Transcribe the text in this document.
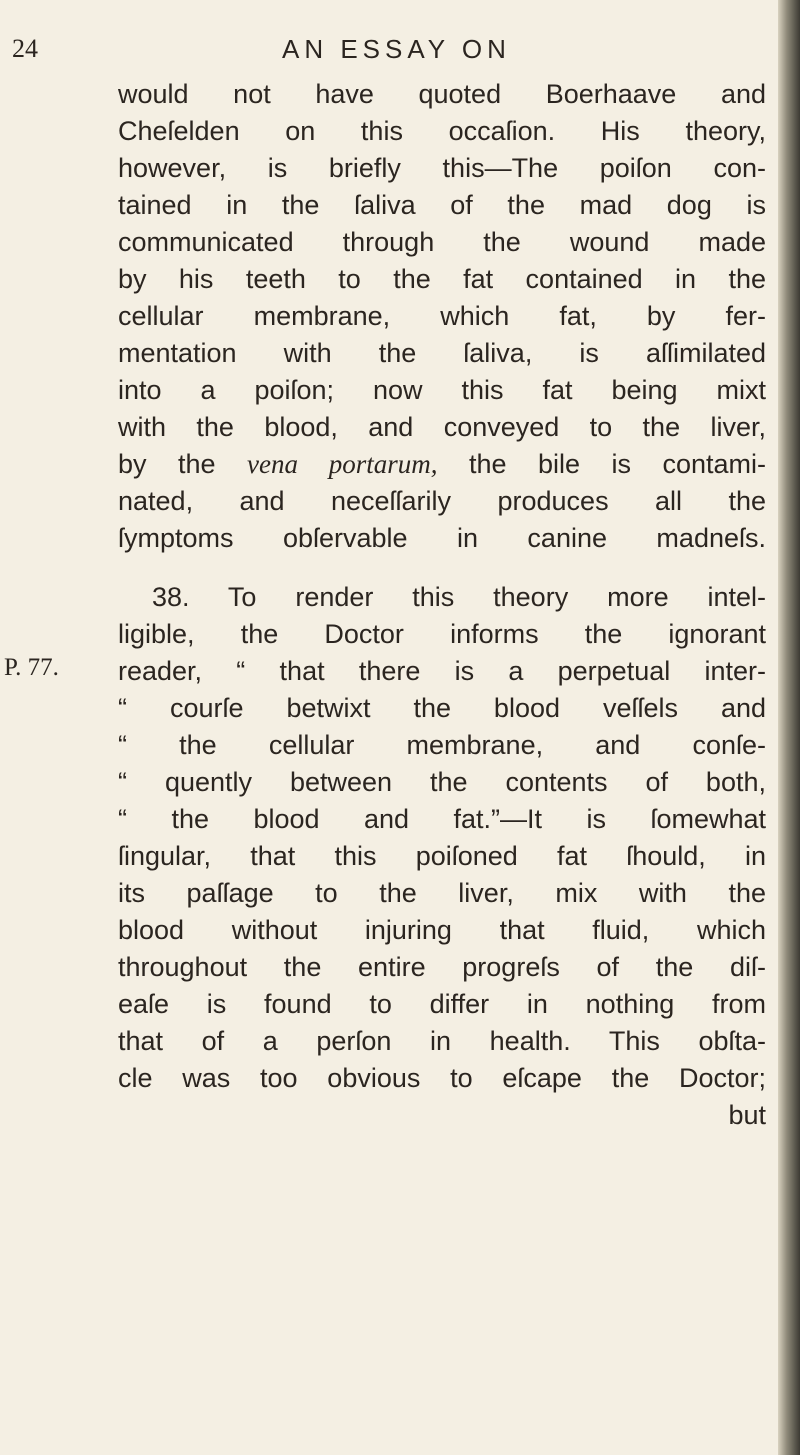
24	AN ESSAY ON
P. 77.
would not have quoted Boerhaave and
Cheſelden on this occaſion. His theory,
however, is briefly this—The poiſon con-
tained in the ſaliva of the mad dog is
communicated through the wound made
by his teeth to the fat contained in the
cellular membrane, which fat, by fer-
mentation with the ſaliva, is aſſimilated
into a poiſon; now this fat being mixt
with the blood, and conveyed to the liver,
by the vena portarum, the bile is contami-
nated, and neceſſarily produces all the
ſymptoms obſervable in canine madneſs.
38. To render this theory more intel-
ligible, the Doctor informs the ignorant
reader, “ that there is a perpetual inter-
“ courſe betwixt the blood veſſels and
“ the cellular membrane, and conſe-
“ quently between the contents of both,
“ the blood and fat.”—It is ſomewhat
ſingular, that this poiſoned fat ſhould, in
its paſſage to the liver, mix with the
blood without injuring that fluid, which
throughout the entire progreſs of the diſ-
eaſe is found to differ in nothing from
that of a perſon in health. This obſta-
cle was too obvious to eſcape the Doctor;
but
